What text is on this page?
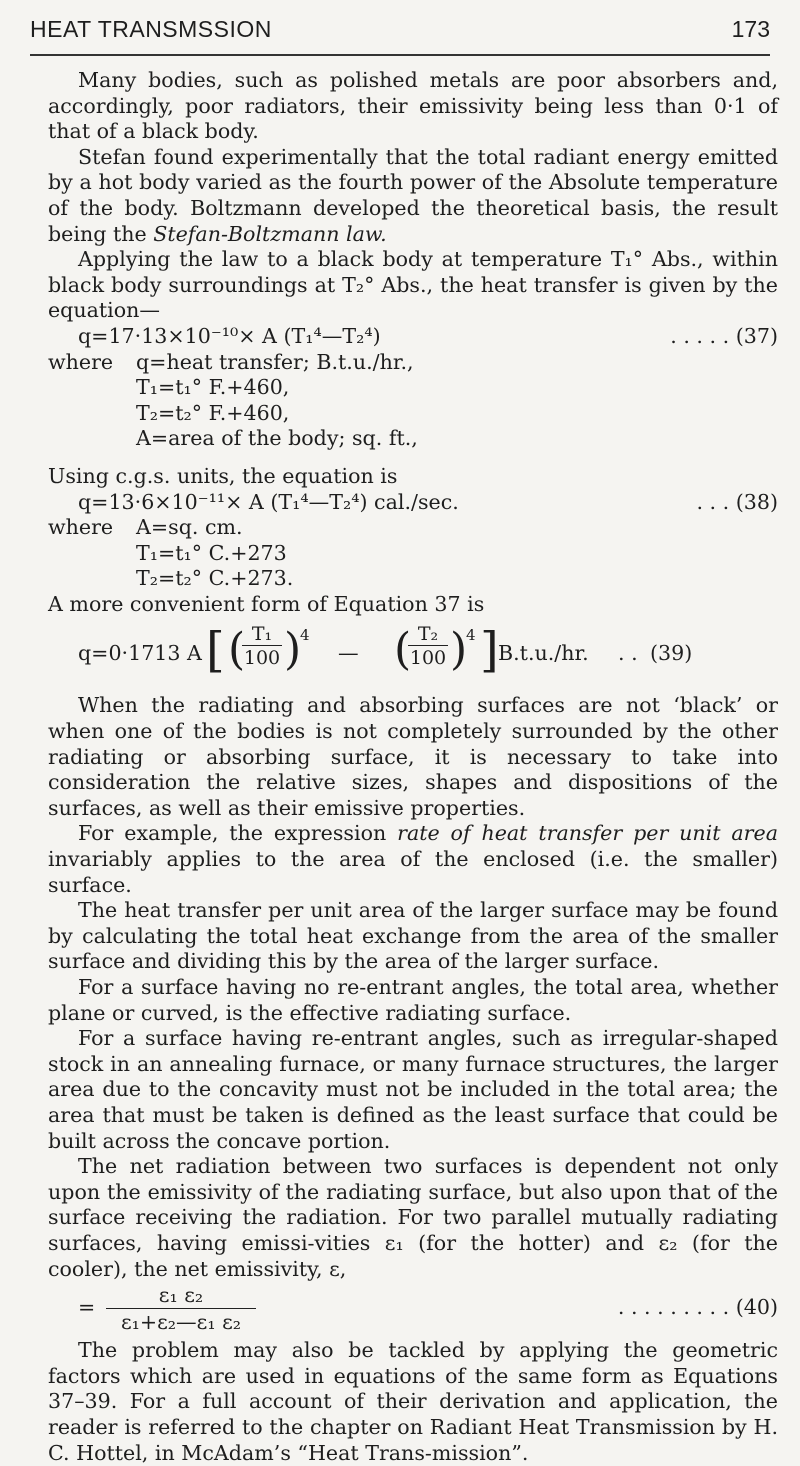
HEAT TRANSMSSION	173

Many bodies, such as polished metals are poor absorbers and, accordingly, poor radiators, their emissivity being less than 0·1 of that of a black body.

Stefan found experimentally that the total radiant energy emitted by a hot body varied as the fourth power of the Absolute temperature of the body. Boltzmann developed the theoretical basis, the result being the Stefan-Boltzmann law.

Applying the law to a black body at temperature T₁° Abs., within black body surroundings at T₂° Abs., the heat transfer is given by the equation—

q=17·13×10⁻¹⁰× A (T₁⁴—T₂⁴)	. . . . . (37)
where q=heat transfer; B.t.u./hr.,
T₁=t₁° F.+460,
T₂=t₂° F.+460,
A=area of the body; sq. ft.,

Using c.g.s. units, the equation is

q=13·6×10⁻¹¹× A (T₁⁴—T₂⁴) cal./sec.	. . . (38)
where A=sq. cm.
T₁=t₁° C.+273
T₂=t₂° C.+273.

A more convenient form of Equation 37 is

q=0·1713 A [ (
$\frac{\text{T₁}}{100}$ )
4
— (
$\frac{\text{T₂}}{100}$ )
4 ] B.t.u./hr. . . (39)

When the radiating and absorbing surfaces are not ‘black’ or when one of the bodies is not completely surrounded by the other radiating or absorbing surface, it is necessary to take into consideration the relative sizes, shapes and dispositions of the surfaces, as well as their emissive properties.

For example, the expression rate of heat transfer per unit area invariably applies to the area of the enclosed (i.e. the smaller) surface.

The heat transfer per unit area of the larger surface may be found by calculating the total heat exchange from the area of the smaller surface and dividing this by the area of the larger surface.

For a surface having no re-entrant angles, the total area, whether plane or curved, is the effective radiating surface.

For a surface having re-entrant angles, such as irregular-shaped stock in an annealing furnace, or many furnace structures, the larger area due to the concavity must not be included in the total area; the area that must be taken is defined as the least surface that could be built across the concave portion.

The net radiation between two surfaces is dependent not only upon the emissivity of the radiating surface, but also upon that of the surface receiving the radiation. For two parallel mutually radiating surfaces, having emissi-vities ε₁ (for the hotter) and ε₂ (for the cooler), the net emissivity, ε,

= $\frac{\text{ε₁ ε₂}}{\text{ε₁+ε₂—ε₁ ε₂}}$	. . . . . . . . . (40)

The problem may also be tackled by applying the geometric factors which are used in equations of the same form as Equations 37–39. For a full account of their derivation and application, the reader is referred to the chapter on Radiant Heat Transmission by H. C. Hottel, in McAdam’s “Heat Trans-mission”.
